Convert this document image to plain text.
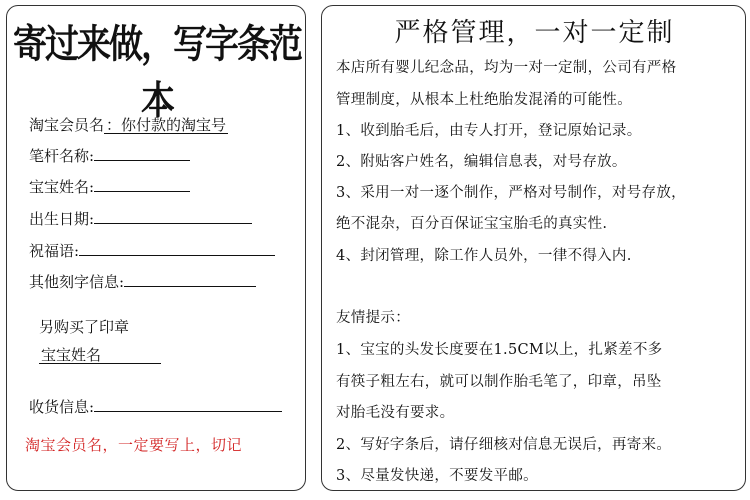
寄过来做，写字条范本
淘宝会员名 ：你付款的淘宝号
笔杆名称:
宝宝姓名:
出生日期:
祝福语:
其他刻字信息:
另购买了印章
宝宝姓名
收货信息:
淘宝会员名，一定要写上，切记
严格管理，一对一定制
本店所有婴儿纪念品，均为一对一定制，公司有严格
管理制度，从根本上杜绝胎发混淆的可能性。
1、收到胎毛后，由专人打开，登记原始记录。
2、附贴客户姓名，编辑信息表，对号存放。
3、采用一对一逐个制作，严格对号制作，对号存放，
绝不混杂，百分百保证宝宝胎毛的真实性.
4、封闭管理，除工作人员外，一律不得入内.
友情提示：
1、宝宝的头发长度要在1.5CM以上，扎紧差不多
有筷子粗左右，就可以制作胎毛笔了，印章，吊坠
对胎毛没有要求。
2、写好字条后，请仔细核对信息无误后，再寄来。
3、尽量发快递，不要发平邮。
